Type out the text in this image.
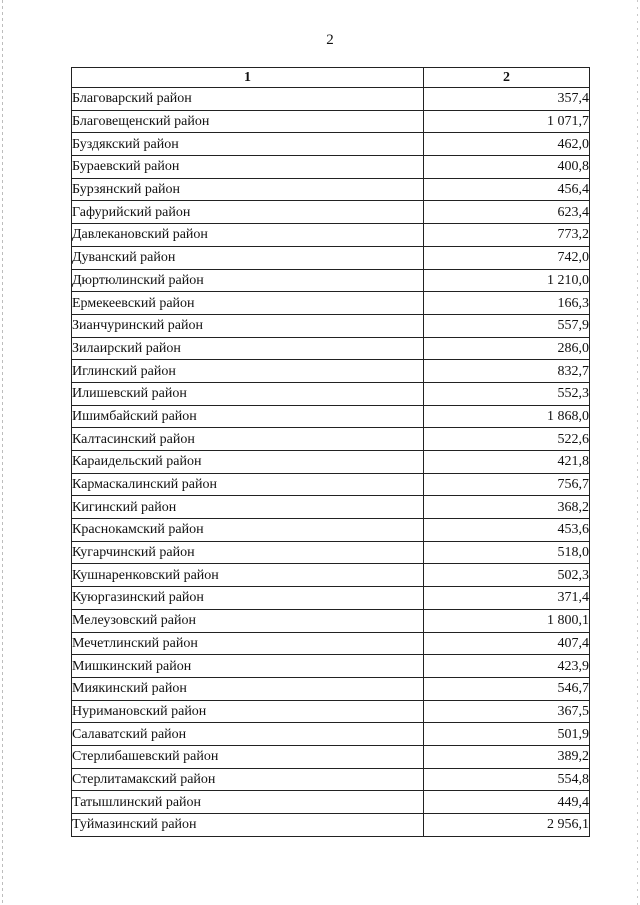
2
1	2
Благоварский район	357,4
Благовещенский район	1 071,7
Буздякский район	462,0
Бураевский район	400,8
Бурзянский район	456,4
Гафурийский район	623,4
Давлекановский район	773,2
Дуванский район	742,0
Дюртюлинский район	1 210,0
Ермекеевский район	166,3
Зианчуринский район	557,9
Зилаирский район	286,0
Иглинский район	832,7
Илишевский район	552,3
Ишимбайский район	1 868,0
Калтасинский район	522,6
Караидельский район	421,8
Кармаскалинский район	756,7
Кигинский район	368,2
Краснокамский район	453,6
Кугарчинский район	518,0
Кушнаренковский район	502,3
Куюргазинский район	371,4
Мелеузовский район	1 800,1
Мечетлинский район	407,4
Мишкинский район	423,9
Миякинский район	546,7
Нуримановский район	367,5
Салаватский район	501,9
Стерлибашевский район	389,2
Стерлитамакский район	554,8
Татышлинский район	449,4
Туймазинский район	2 956,1
